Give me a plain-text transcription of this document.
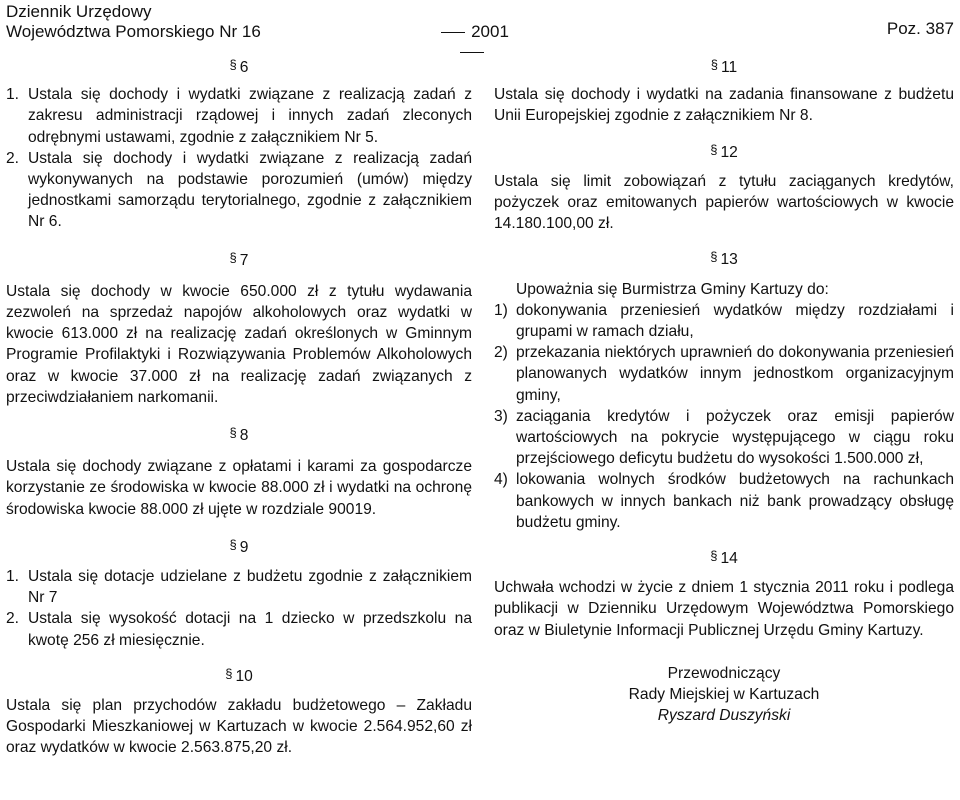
Dziennik Urzędowy
Województwa Pomorskiego Nr 16	2001	Poz. 387
§ 6
1. Ustala się dochody i wydatki związane z realizacją zadań z zakresu administracji rządowej i innych zadań zleconych odrębnymi ustawami, zgodnie z załącznikiem Nr 5.
2. Ustala się dochody i wydatki związane z realizacją zadań wykonywanych na podstawie porozumień (umów) między jednostkami samorządu terytorialnego, zgodnie z załącznikiem Nr 6.
§ 7

Ustala się dochody w kwocie 650.000 zł z tytułu wydawania zezwoleń na sprzedaż napojów alkoholowych oraz wydatki w kwocie 613.000 zł na realizację zadań określonych w Gminnym Programie Profilaktyki i Rozwiązywania Problemów Alkoholowych oraz w kwocie 37.000 zł na realizację zadań związanych z przeciwdziałaniem narkomanii.

§ 8

Ustala się dochody związane z opłatami i karami za gospodarcze korzystanie ze środowiska w kwocie 88.000 zł i wydatki na ochronę środowiska kwocie 88.000 zł ujęte w rozdziale 90019.

§ 9
1. Ustala się dotacje udzielane z budżetu zgodnie z załącznikiem Nr 7
2. Ustala się wysokość dotacji na 1 dziecko w przedszkolu na kwotę 256 zł miesięcznie.
§ 10

Ustala się plan przychodów zakładu budżetowego – Zakładu Gospodarki Mieszkaniowej w Kartuzach w kwocie 2.564.952,60 zł oraz wydatków w kwocie 2.563.875,20 zł.

§ 11

Ustala się dochody i wydatki na zadania finansowane z budżetu Unii Europejskiej zgodnie z załącznikiem Nr 8.

§ 12

Ustala się limit zobowiązań z tytułu zaciąganych kredytów, pożyczek oraz emitowanych papierów wartościowych w kwocie 14.180.100,00 zł.

§ 13

Upoważnia się Burmistrza Gminy Kartuzy do:

1) dokonywania przeniesień wydatków między rozdziałami i grupami w ramach działu,
2) przekazania niektórych uprawnień do dokonywania przeniesień planowanych wydatków innym jednostkom organizacyjnym gminy,
3) zaciągania kredytów i pożyczek oraz emisji papierów wartościowych na pokrycie występującego w ciągu roku przejściowego deficytu budżetu do wysokości 1.500.000 zł,
4) lokowania wolnych środków budżetowych na rachunkach bankowych w innych bankach niż bank prowadzący obsługę budżetu gminy.
§ 14

Uchwała wchodzi w życie z dniem 1 stycznia 2011 roku i podlega publikacji w Dzienniku Urzędowym Województwa Pomorskiego oraz w Biuletynie Informacji Publicznej Urzędu Gminy Kartuzy.

Przewodniczący
Rady Miejskiej w Kartuzach
Ryszard Duszyński
